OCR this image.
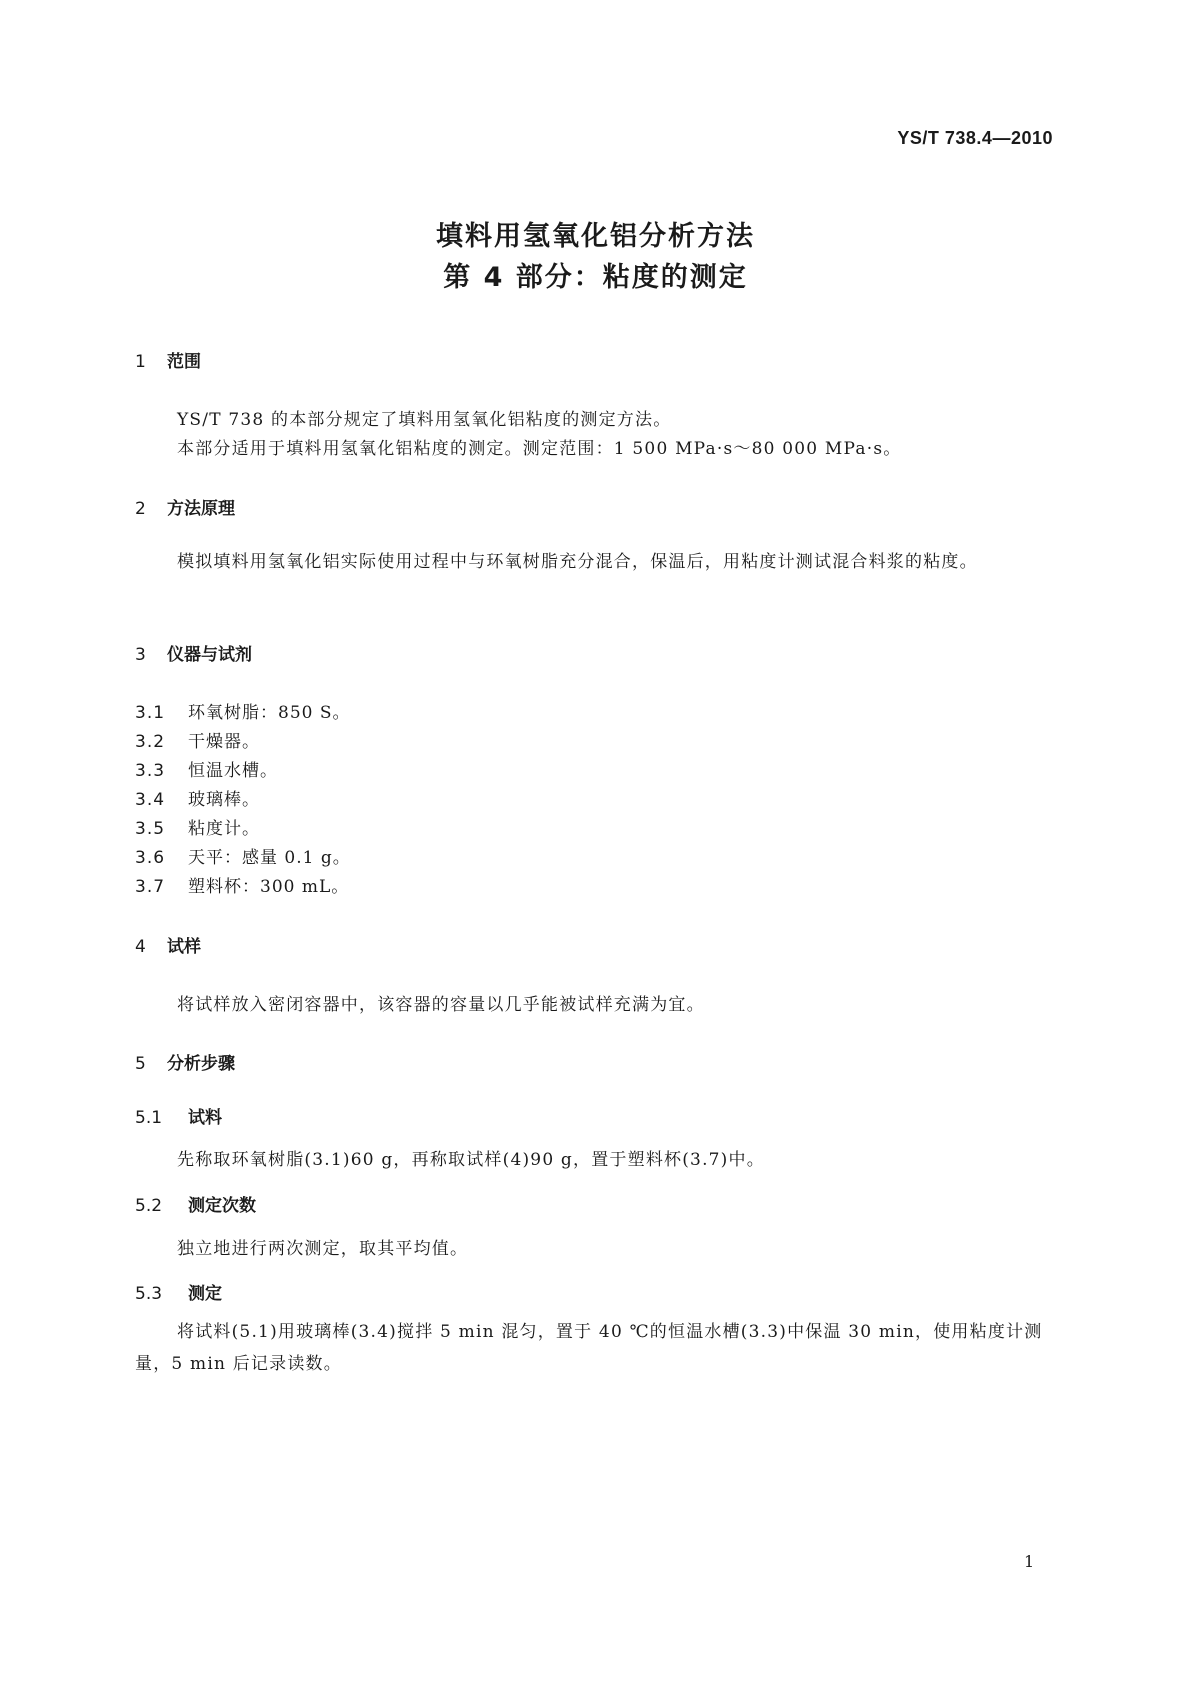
YS/T 738.4—2010
填料用氢氧化铝分析方法
第 4 部分：粘度的测定
1 范围
YS/T 738 的本部分规定了填料用氢氧化铝粘度的测定方法。
本部分适用于填料用氢氧化铝粘度的测定。测定范围：1 500 MPa·s～80 000 MPa·s。
2 方法原理
模拟填料用氢氧化铝实际使用过程中与环氧树脂充分混合，保温后，用粘度计测试混合料浆的粘度。
3 仪器与试剂
3.1 环氧树脂：850 S。
3.2 干燥器。
3.3 恒温水槽。
3.4 玻璃棒。
3.5 粘度计。
3.6 天平：感量 0.1 g。
3.7 塑料杯：300 mL。
4 试样
将试样放入密闭容器中，该容器的容量以几乎能被试样充满为宜。
5 分析步骤
5.1 试料
先称取环氧树脂(3.1)60 g，再称取试样(4)90 g，置于塑料杯(3.7)中。
5.2 测定次数
独立地进行两次测定，取其平均值。
5.3 测定
将试料(5.1)用玻璃棒(3.4)搅拌 5 min 混匀，置于 40 ℃的恒温水槽(3.3)中保温 30 min，使用粘度计测量，5 min 后记录读数。
1
